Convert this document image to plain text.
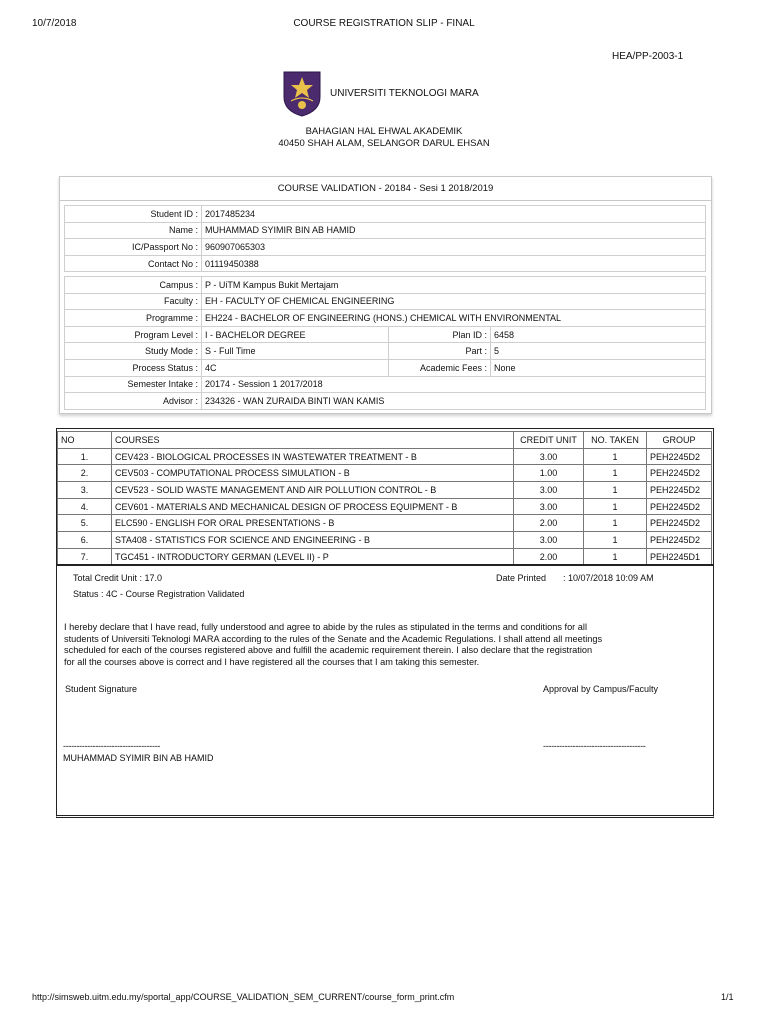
10/7/2018	COURSE REGISTRATION SLIP - FINAL
HEA/PP-2003-1
UNIVERSITI TEKNOLOGI MARA
BAHAGIAN HAL EHWAL AKADEMIK
40450 SHAH ALAM, SELANGOR DARUL EHSAN
COURSE VALIDATION - 20184 - Sesi 1 2018/2019
Student ID :	2017485234
Name :	MUHAMMAD SYIMIR BIN AB HAMID
IC/Passport No :	960907065303
Contact No :	01119450388
Campus :	P - UiTM Kampus Bukit Mertajam		
Faculty :	EH - FACULTY OF CHEMICAL ENGINEERING		
Programme :	EH224 - BACHELOR OF ENGINEERING (HONS.) CHEMICAL WITH ENVIRONMENTAL		
Program Level :	I - BACHELOR DEGREE	Plan ID :	6458
Study Mode :	S - Full Time	Part :	5
Process Status :	4C	Academic Fees :	None
Semester Intake :	20174 - Session 1 2017/2018		
Advisor :	234326 - WAN ZURAIDA BINTI WAN KAMIS		
NO	COURSES	CREDIT UNIT	NO. TAKEN	GROUP
1.	CEV423 - BIOLOGICAL PROCESSES IN WASTEWATER TREATMENT - B	3.00	1	PEH2245D2
2.	CEV503 - COMPUTATIONAL PROCESS SIMULATION - B	1.00	1	PEH2245D2
3.	CEV523 - SOLID WASTE MANAGEMENT AND AIR POLLUTION CONTROL - B	3.00	1	PEH2245D2
4.	CEV601 - MATERIALS AND MECHANICAL DESIGN OF PROCESS EQUIPMENT - B	3.00	1	PEH2245D2
5.	ELC590 - ENGLISH FOR ORAL PRESENTATIONS - B	2.00	1	PEH2245D2
6.	STA408 - STATISTICS FOR SCIENCE AND ENGINEERING - B	3.00	1	PEH2245D2
7.	TGC451 - INTRODUCTORY GERMAN (LEVEL II) - P	2.00	1	PEH2245D1
Total Credit Unit : 17.0	Date Printed : 10/07/2018 10:09 AM
Status : 4C - Course Registration Validated
I hereby declare that I have read, fully understood and agree to abide by the rules as stipulated in the terms and conditions for all
students of Universiti Teknologi MARA according to the rules of the Senate and the Academic Regulations. I shall attend all meetings
scheduled for each of the courses registered above and fulfill the academic requirement therein. I also declare that the registration
for all the courses above is correct and I have registered all the courses that I am taking this semester.
Student Signature	Approval by Campus/Faculty
------------------------------------	--------------------------------------
MUHAMMAD SYIMIR BIN AB HAMID
http://simsweb.uitm.edu.my/sportal_app/COURSE_VALIDATION_SEM_CURRENT/course_form_print.cfm	1/1
